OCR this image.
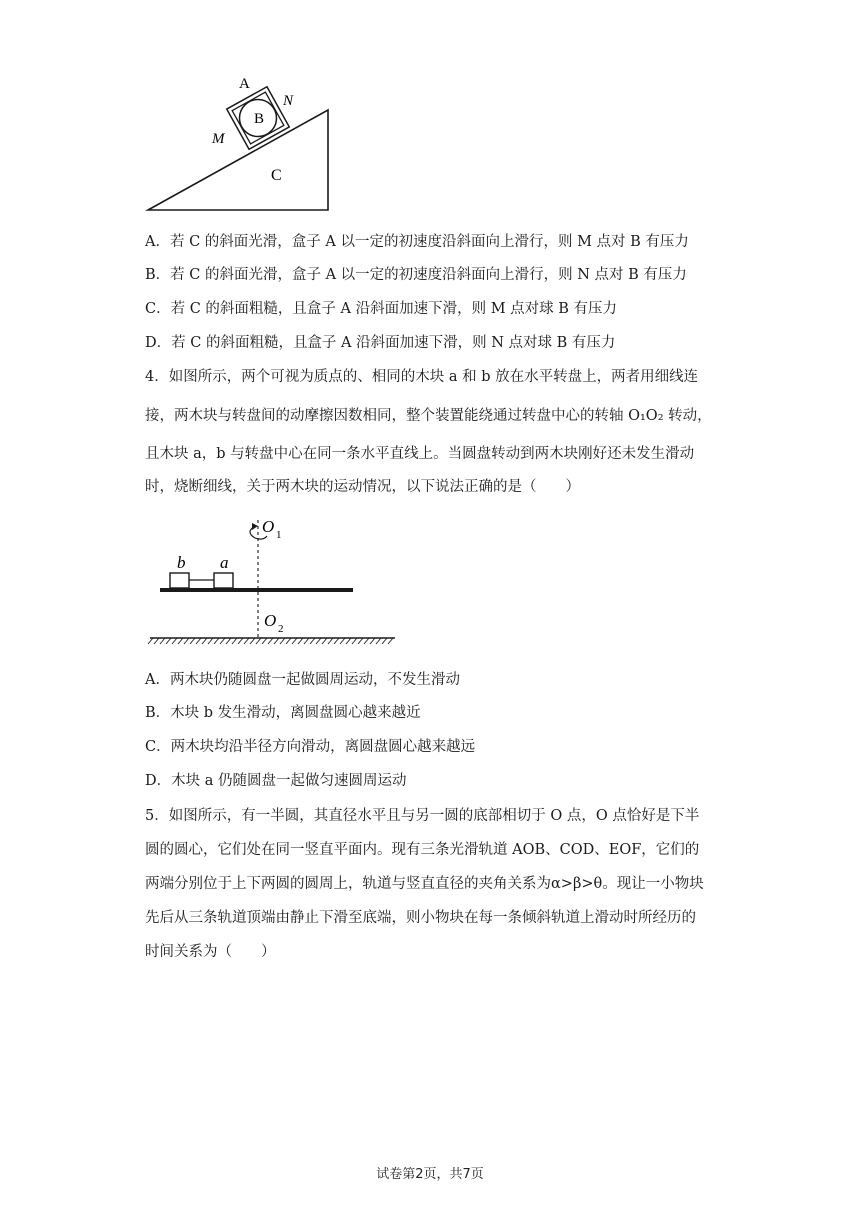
B
A
N
M
C
A．若 C 的斜面光滑，盒子 A 以一定的初速度沿斜面向上滑行，则 M 点对 B 有压力
B．若 C 的斜面光滑，盒子 A 以一定的初速度沿斜面向上滑行，则 N 点对 B 有压力
C．若 C 的斜面粗糙，且盒子 A 沿斜面加速下滑，则 M 点对球 B 有压力
D．若 C 的斜面粗糙，且盒子 A 沿斜面加速下滑，则 N 点对球 B 有压力
4．如图所示，两个可视为质点的、相同的木块 a 和 b 放在水平转盘上，两者用细线连
接，两木块与转盘间的动摩擦因数相同，整个装置能绕通过转盘中心的转轴 O₁O₂ 转动，
且木块 a，b 与转盘中心在同一条水平直线上。当圆盘转动到两木块刚好还未发生滑动
时，烧断细线，关于两木块的运动情况，以下说法正确的是（　　）
b a
O 1
O 2
A．两木块仍随圆盘一起做圆周运动，不发生滑动
B．木块 b 发生滑动，离圆盘圆心越来越近
C．两木块均沿半径方向滑动，离圆盘圆心越来越远
D．木块 a 仍随圆盘一起做匀速圆周运动
5．如图所示，有一半圆，其直径水平且与另一圆的底部相切于 O 点，O 点恰好是下半
圆的圆心，它们处在同一竖直平面内。现有三条光滑轨道 AOB、COD、EOF，它们的
两端分别位于上下两圆的圆周上，轨道与竖直直径的夹角关系为α>β>θ。现让一小物块
先后从三条轨道顶端由静止下滑至底端，则小物块在每一条倾斜轨道上滑动时所经历的
时间关系为（　　）
试卷第2页，共7页
